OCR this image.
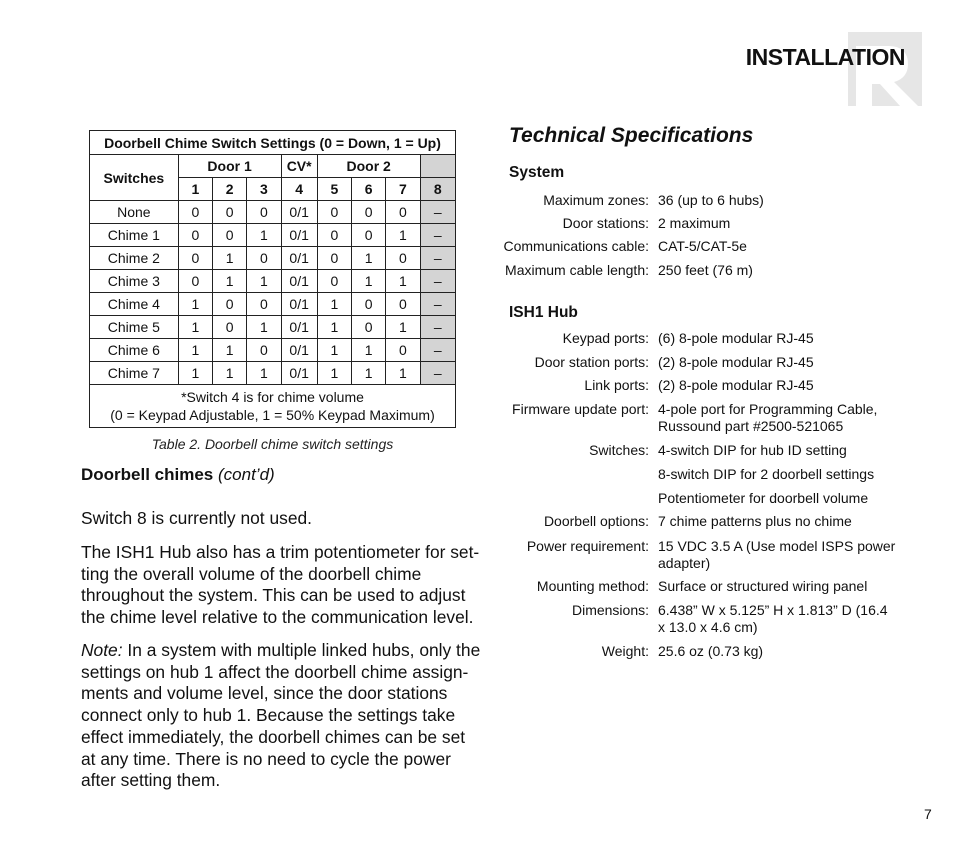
INSTALLATION
Doorbell Chime Switch Settings (0 = Down, 1 = Up)								
Switches	Door 1			CV*	Door 2			
	1	2	3	4	5	6	7	8
None	0	0	0	0/1	0	0	0	–
Chime 1	0	0	1	0/1	0	0	1	–
Chime 2	0	1	0	0/1	0	1	0	–
Chime 3	0	1	1	0/1	0	1	1	–
Chime 4	1	0	0	0/1	1	0	0	–
Chime 5	1	0	1	0/1	1	0	1	–
Chime 6	1	1	0	0/1	1	1	0	–
Chime 7	1	1	1	0/1	1	1	1	–

*Switch 4 is for chime volume
(0 = Keypad Adjustable, 1 = 50% Keypad Maximum)								
Table 2. Doorbell chime switch settings
Doorbell chimes (cont’d)

Switch 8 is currently not used.

The ISH1 Hub also has a trim potentiometer for set-ting the overall volume of the doorbell chime throughout the system. This can be used to adjust the chime level relative to the communication level.

Note: In a system with multiple linked hubs, only the settings on hub 1 affect the doorbell chime assign-ments and volume level, since the door stations connect only to hub 1. Because the settings take effect immediately, the doorbell chimes can be set at any time. There is no need to cycle the power after setting them.

Technical Specifications
System
ISH1 Hub
Maximum zones: 36 (up to 6 hubs)
Door stations: 2 maximum
Communications cable: CAT-5/CAT-5e
Maximum cable length: 250 feet (76 m)
Keypad ports: (6) 8-pole modular RJ-45
Door station ports: (2) 8-pole modular RJ-45
Link ports: (2) 8-pole modular RJ-45
Firmware update port: 4-pole port for Programming Cable, Russound part #2500-521065
Switches: 4-switch DIP for hub ID setting
8-switch DIP for 2 doorbell settings
Potentiometer for doorbell volume
Doorbell options: 7 chime patterns plus no chime
Power requirement: 15 VDC 3.5 A (Use model ISPS power adapter)
Mounting method: Surface or structured wiring panel
Dimensions: 6.438” W x 5.125” H x 1.813” D (16.4 x 13.0 x 4.6 cm)
Weight: 25.6 oz (0.73 kg)
7
